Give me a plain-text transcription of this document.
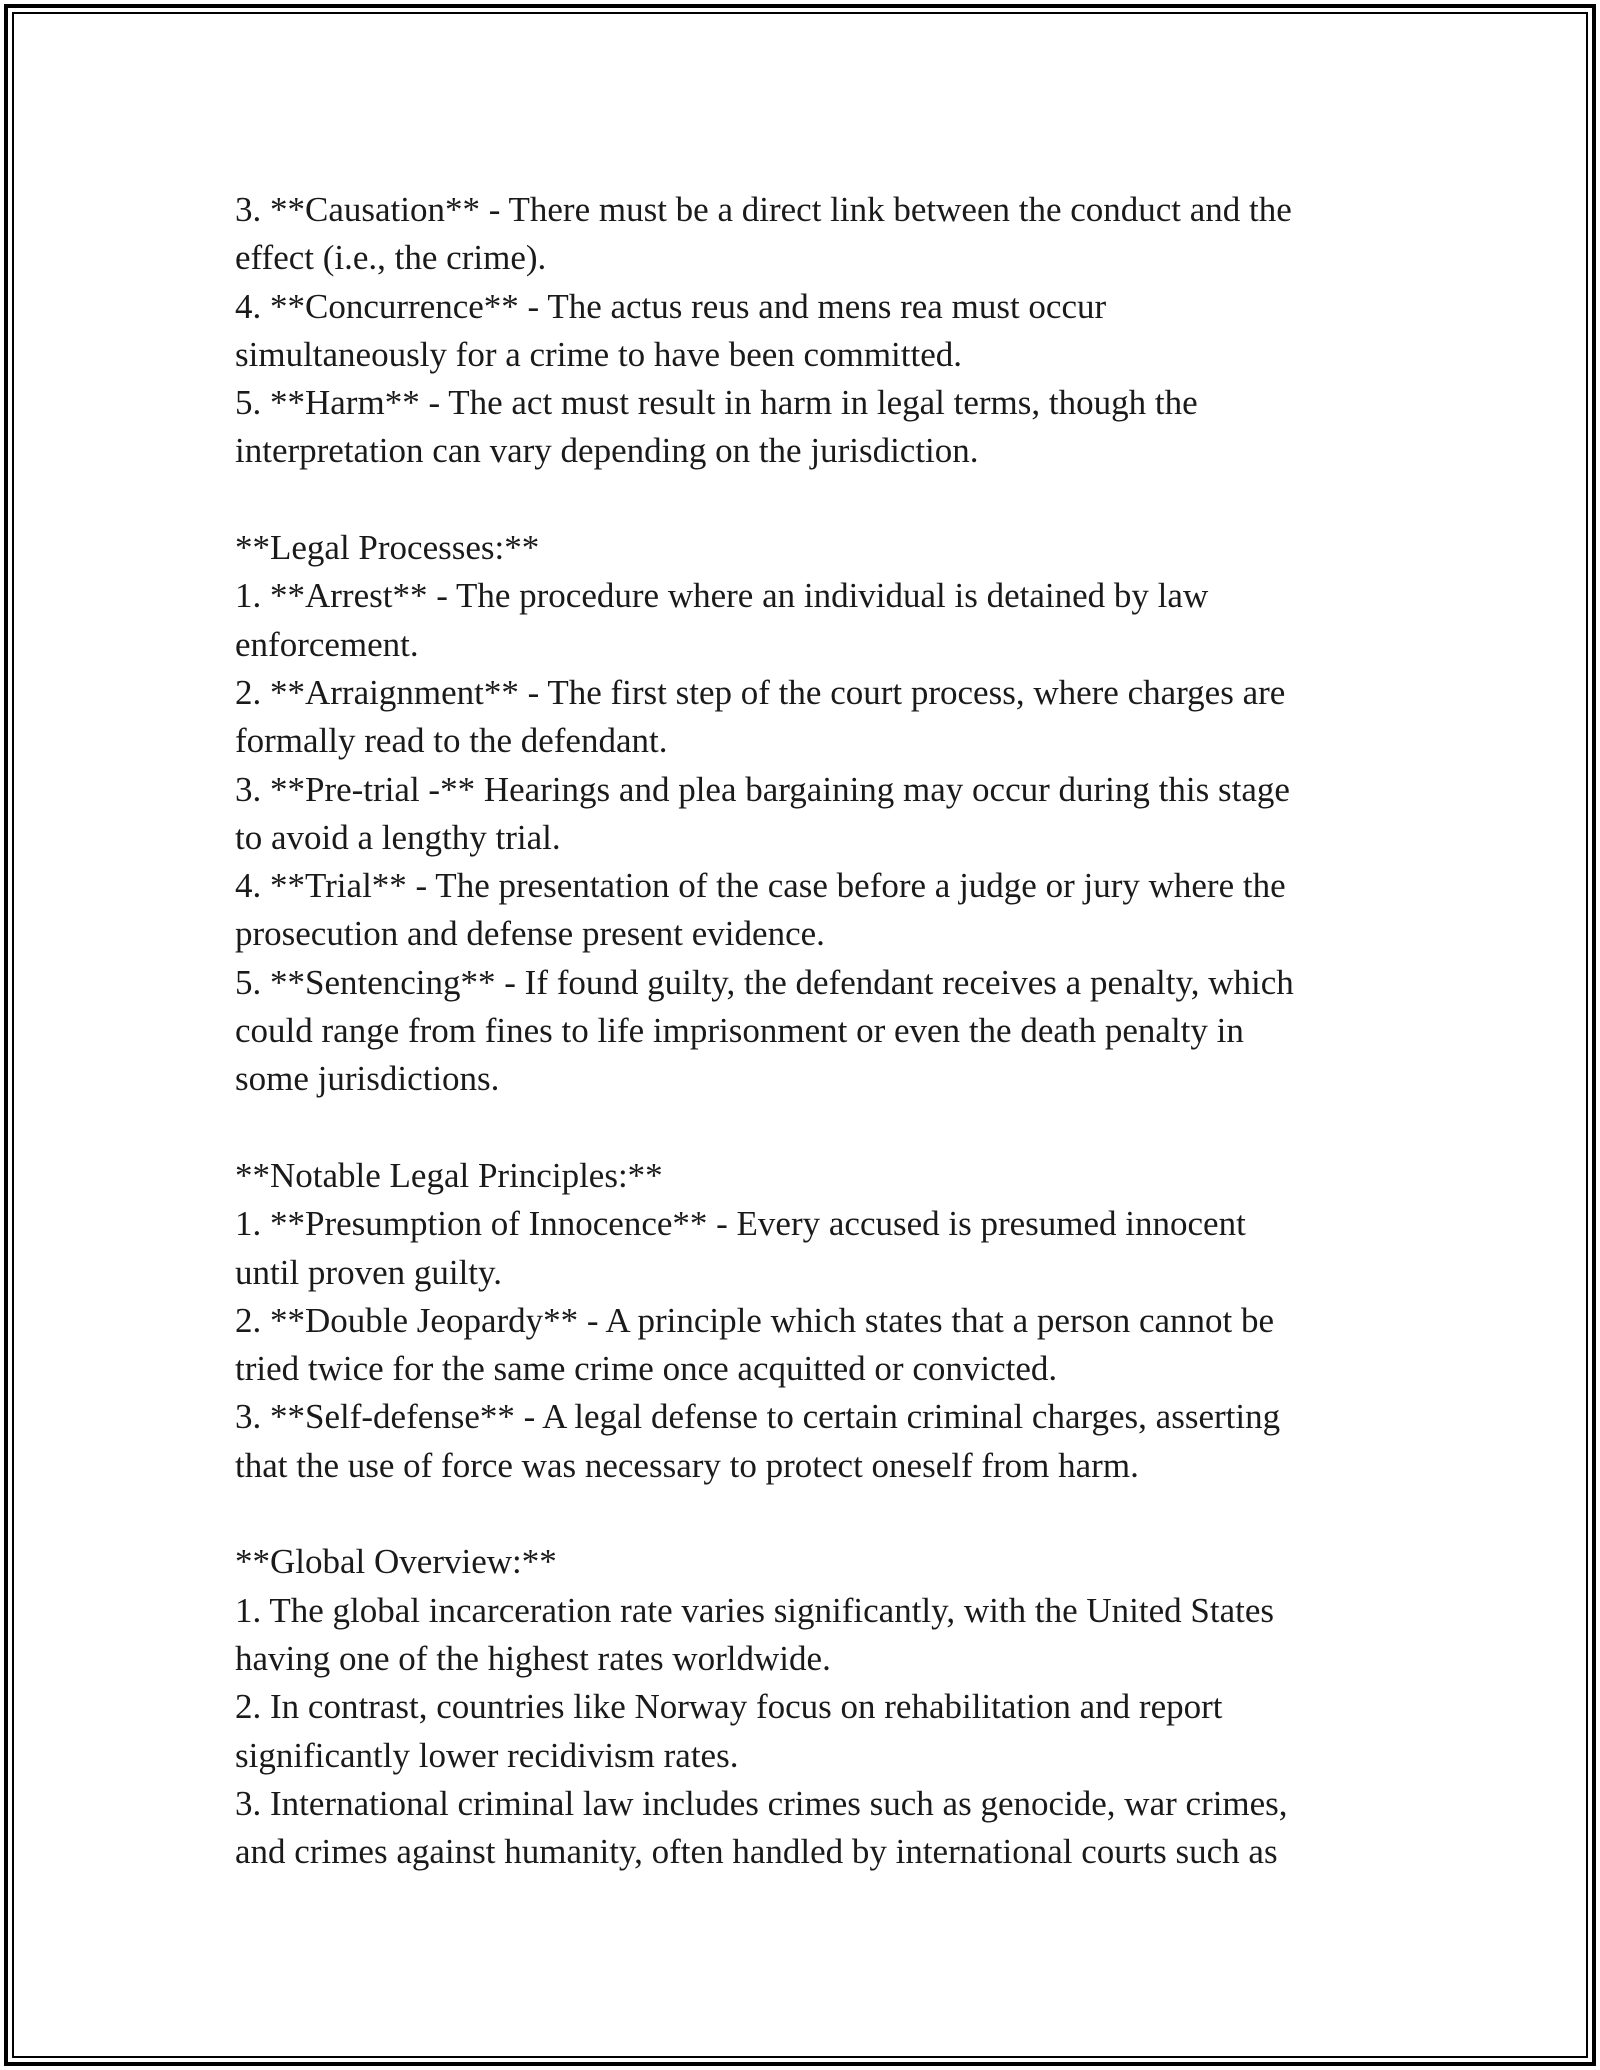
3. **Causation** - There must be a direct link between the conduct and the
effect (i.e., the crime).
4. **Concurrence** - The actus reus and mens rea must occur
simultaneously for a crime to have been committed.
5. **Harm** - The act must result in harm in legal terms, though the
interpretation can vary depending on the jurisdiction.
**Legal Processes:**
1. **Arrest** - The procedure where an individual is detained by law
enforcement.
2. **Arraignment** - The first step of the court process, where charges are
formally read to the defendant.
3. **Pre-trial -** Hearings and plea bargaining may occur during this stage
to avoid a lengthy trial.
4. **Trial** - The presentation of the case before a judge or jury where the
prosecution and defense present evidence.
5. **Sentencing** - If found guilty, the defendant receives a penalty, which
could range from fines to life imprisonment or even the death penalty in
some jurisdictions.
**Notable Legal Principles:**
1. **Presumption of Innocence** - Every accused is presumed innocent
until proven guilty.
2. **Double Jeopardy** - A principle which states that a person cannot be
tried twice for the same crime once acquitted or convicted.
3. **Self-defense** - A legal defense to certain criminal charges, asserting
that the use of force was necessary to protect oneself from harm.
**Global Overview:**
1. The global incarceration rate varies significantly, with the United States
having one of the highest rates worldwide.
2. In contrast, countries like Norway focus on rehabilitation and report
significantly lower recidivism rates.
3. International criminal law includes crimes such as genocide, war crimes,
and crimes against humanity, often handled by international courts such as
